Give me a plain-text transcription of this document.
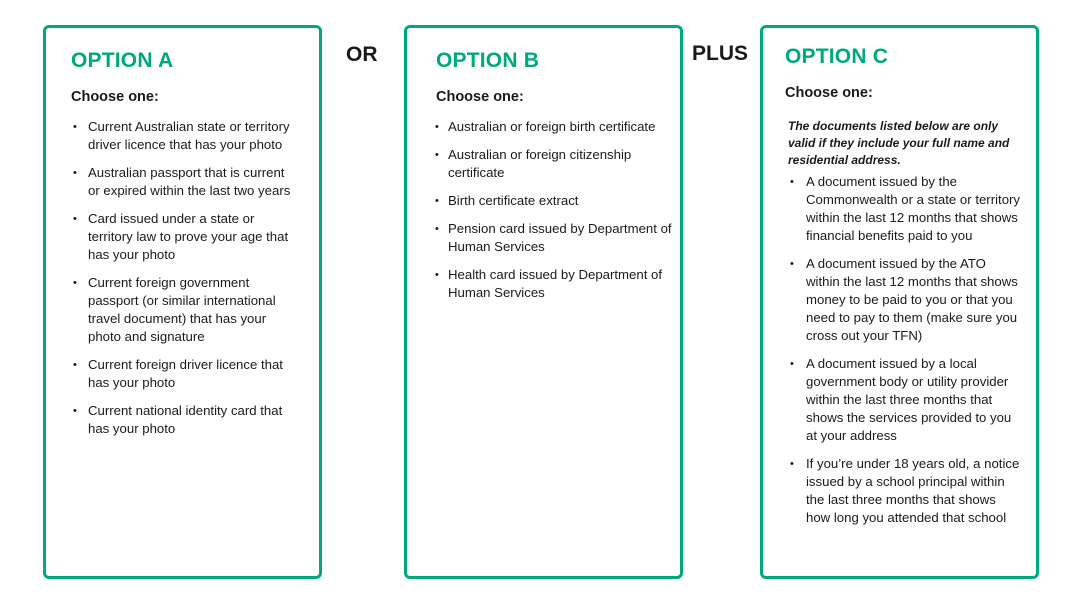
OPTION A

Choose one:

• Current Australian state or territory driver licence that has your photo
• Australian passport that is current or expired within the last two years
• Card issued under a state or territory law to prove your age that has your photo
• Current foreign government passport (or similar international travel document) that has your photo and signature
• Current foreign driver licence that has your photo
• Current national identity card that has your photo

OR	OPTION B

Choose one:

• Australian or foreign birth certificate
• Australian or foreign citizenship certificate
• Birth certificate extract
• Pension card issued by Department of Human Services
• Health card issued by Department of Human Services

PLUS OPTION C

Choose one:

The documents listed below are only valid if they include your full name and residential address.

• A document issued by the Commonwealth or a state or territory within the last 12 months that shows financial benefits paid to you
• A document issued by the ATO within the last 12 months that shows money to be paid to you or that you need to pay to them (make sure you cross out your TFN)
• A document issued by a local government body or utility provider within the last three months that shows the services provided to you at your address
• If you’re under 18 years old, a notice issued by a school principal within the last three months that shows how long you attended that school
